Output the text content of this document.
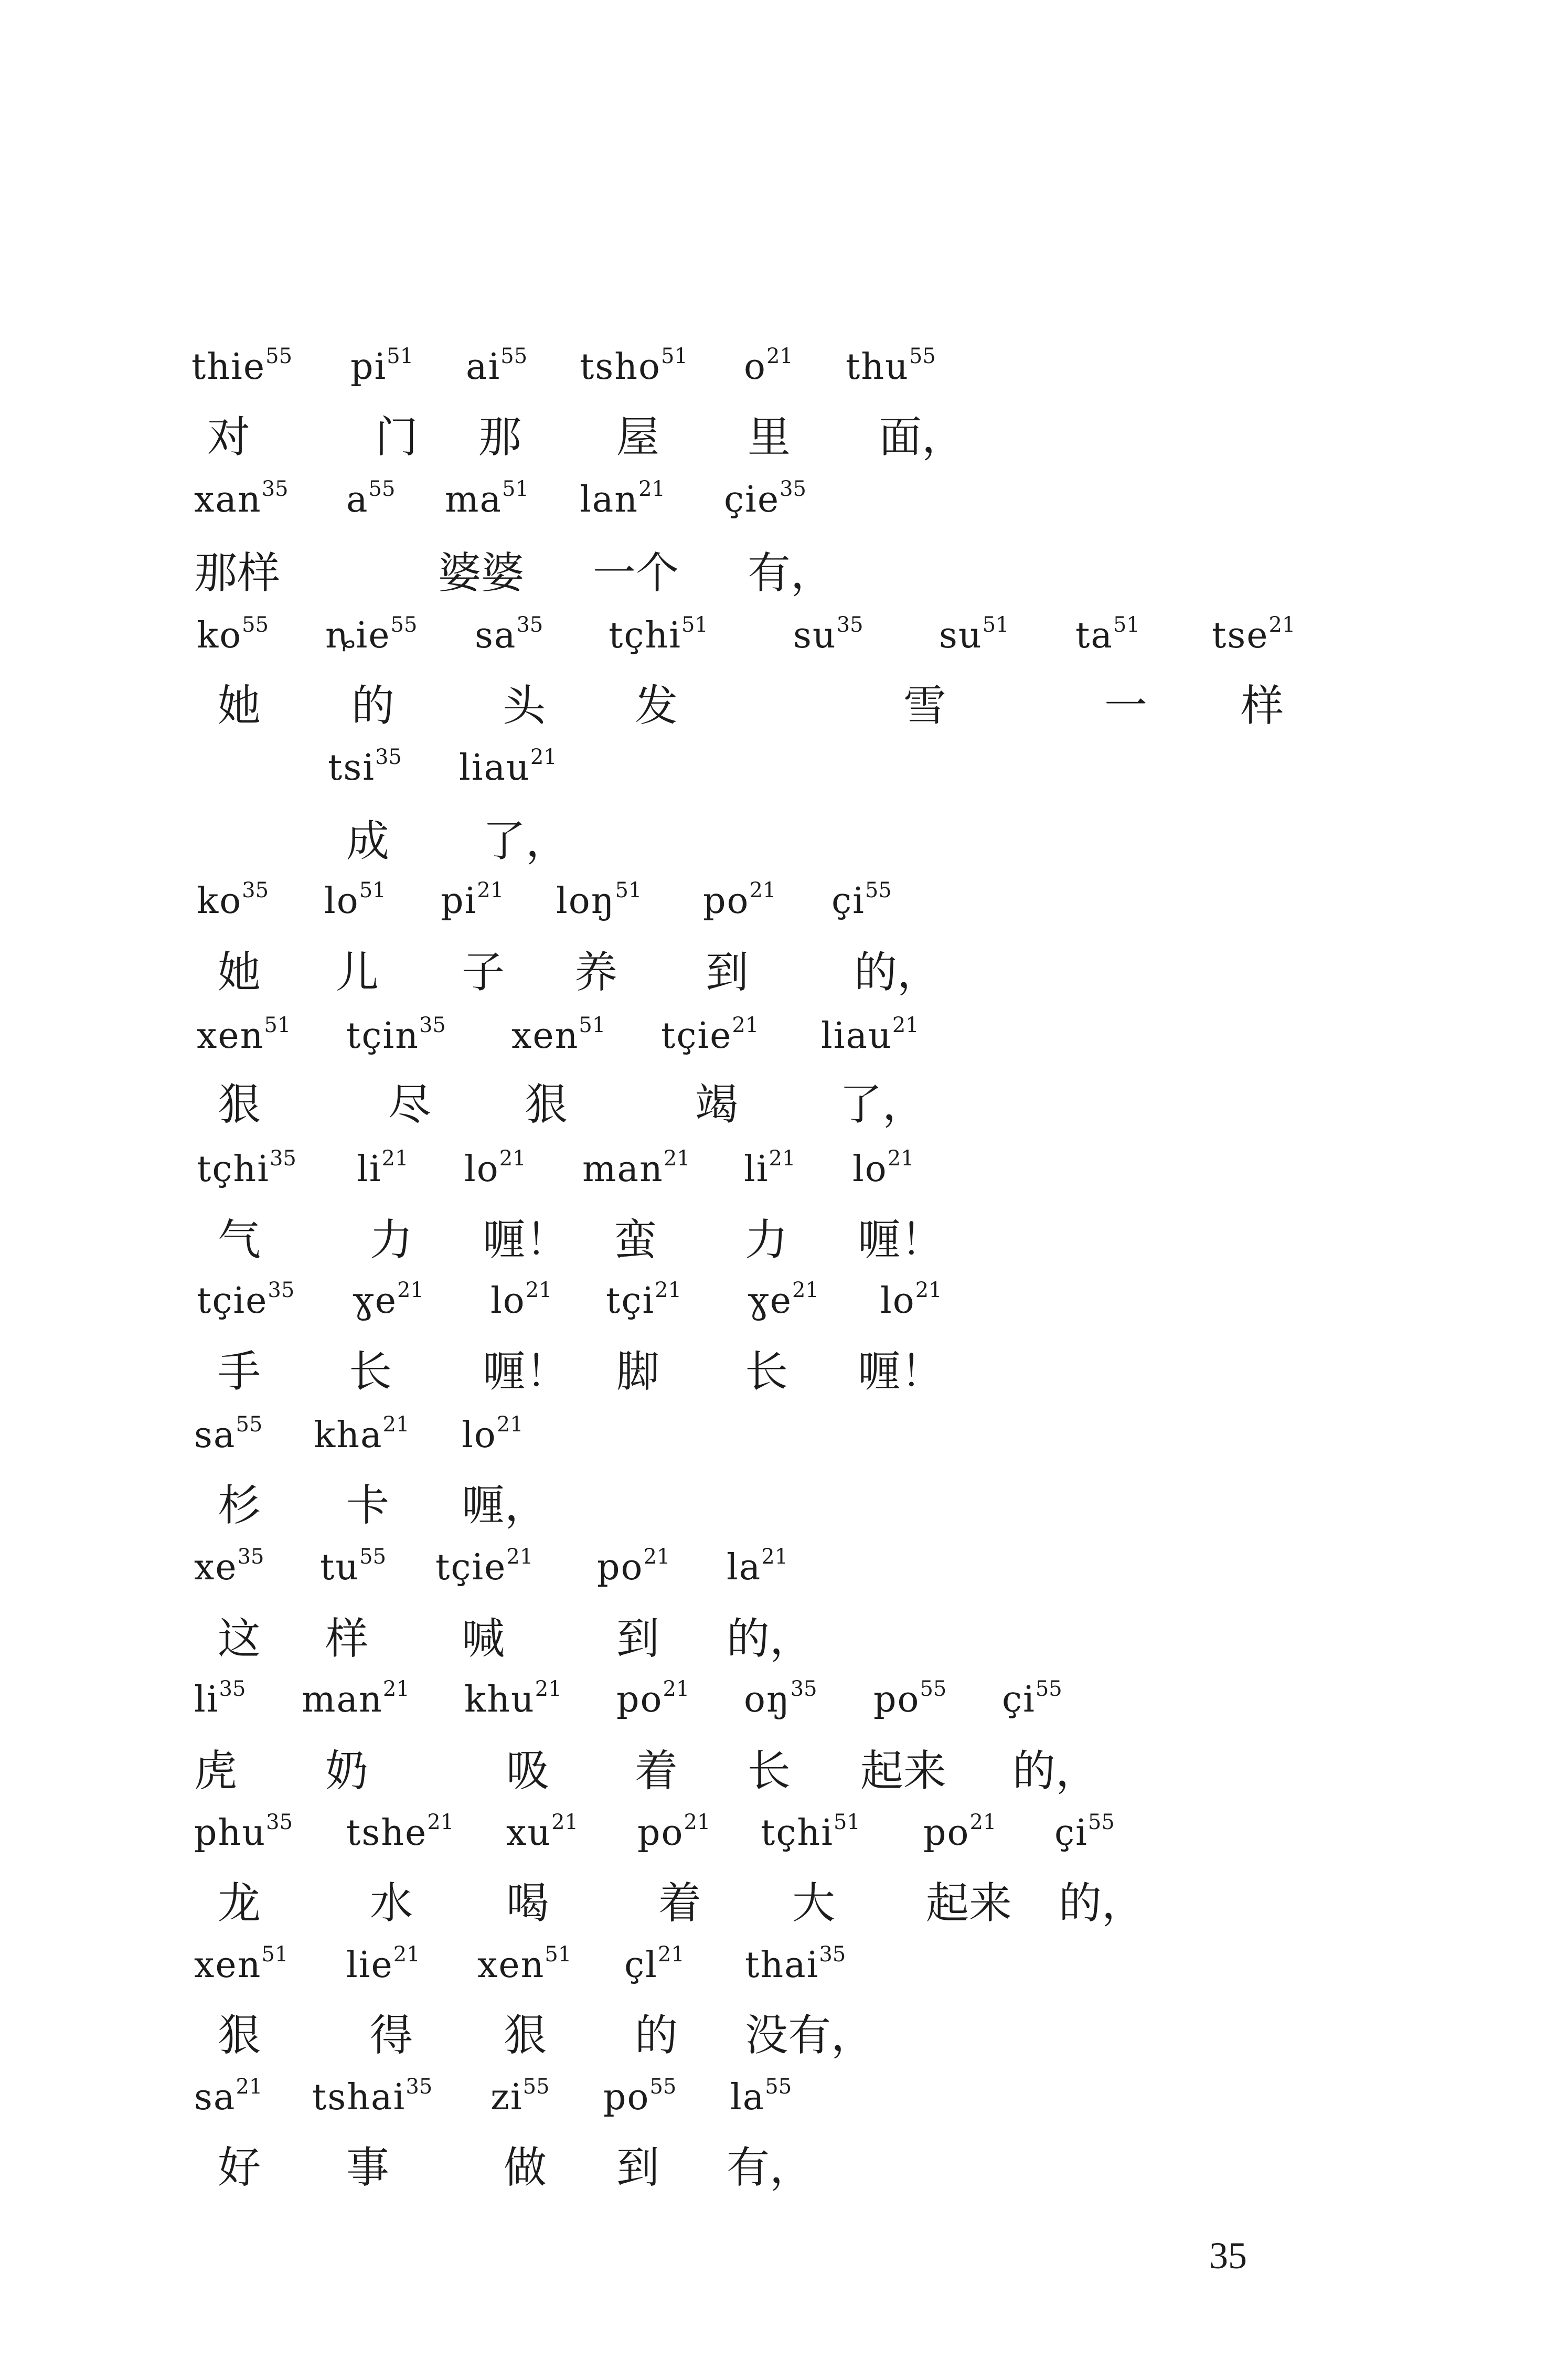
thie$^{55}$ $pi^{51}$ $ai^{55}$ tsho$^{51}$ $o^{21}$ thu$^{55}$
对	门 那 屋 里 面，
xan$^{35}$ $a^{55}$ $ma^{51}$ lan$^{21}$ çie$^{35}$
那样	婆婆 一个 有，
$ko^{55}$ ȵie$^{55}$ $sa^{35}$ tçhi$^{51}$ $su^{35}$ $su^{51}$ $ta^{51}$ tse$^{21}$
她 的	头 发	雪	一 样
tsi$^{35}$ liau$^{21}$
成 了，
$ko^{35}$ $lo^{51}$ $pi^{21}$ loŋ$^{51}$ $po^{21}$ $çi^{55}$
她 儿 子 养 到 的，
xen$^{51}$ tçin$^{35}$ xen$^{51}$ tçie$^{21}$ liau$^{21}$
狠	尽 狠	竭 了，
tçhi$^{35}$ $li^{21}$ $lo^{21}$ man$^{21}$ $li^{21}$ $lo^{21}$
气	力 喱！ 蛮 力 喱！
tçie$^{35}$ ɣe$^{21}$ $lo^{21}$ tçi$^{21}$ ɣe$^{21}$ $lo^{21}$
手 长 喱！ 脚 长 喱！
$sa^{55}$ kha$^{21}$ $lo^{21}$
杉 卡 喱，
$xe^{35}$ $tu^{55}$ tçie$^{21}$ $po^{21}$ $la^{21}$
这 样 喊	到 的，
$li^{35}$ man$^{21}$ khu$^{21}$ $po^{21}$ $oŋ^{35}$ $po^{55}$ $çi^{55}$
虎 奶	吸 着 长 起来 的，
phu$^{35}$ tshe$^{21}$ $xu^{21}$ $po^{21}$ tçhi$^{51}$ $po^{21}$ $çi^{55}$
龙	水 喝	着 大 起来 的，
xen$^{51}$ lie$^{21}$ xen$^{51}$ $çl^{21}$ thai$^{35}$
狠	得 狠 的 没有，
$sa^{21}$ tshai$^{35}$ $zi^{55}$ $po^{55}$ $la^{55}$
好 事	做 到 有，
35
